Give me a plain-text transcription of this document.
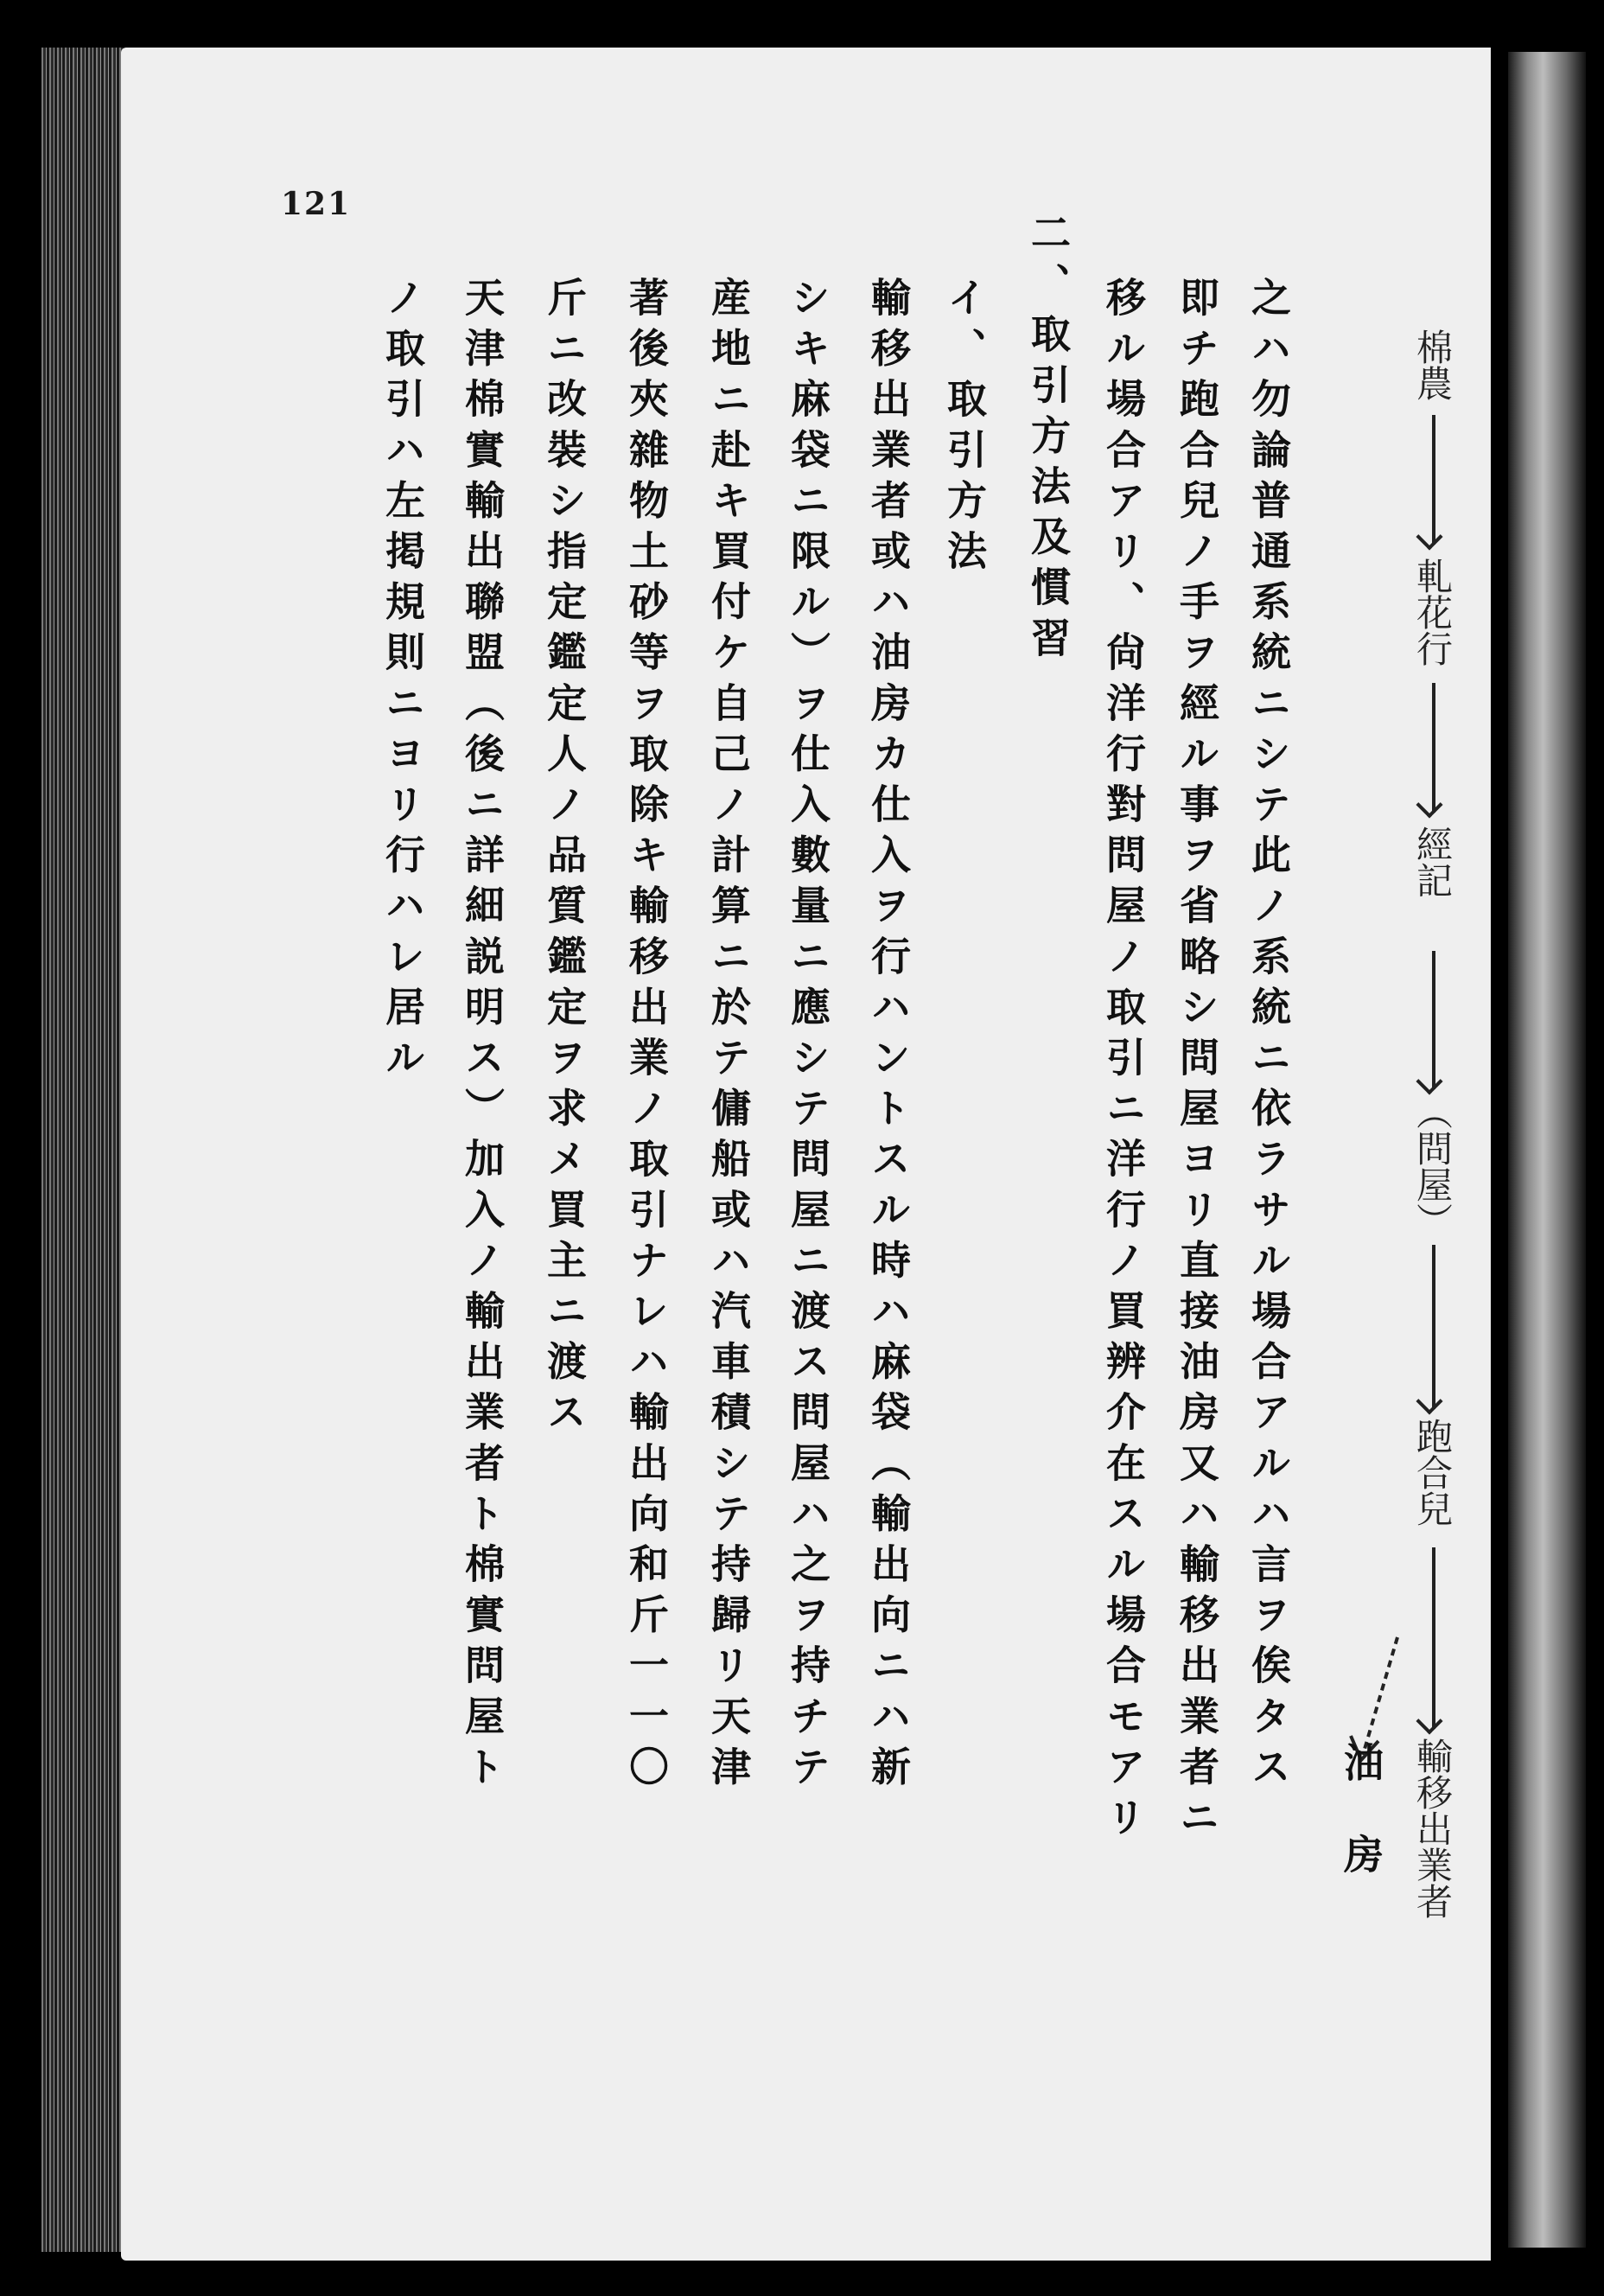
121
棉農
軋花行
經記
（問屋）
跑合兒
輸移出業者
油房
之ハ勿論普通系統ニシテ此ノ系統ニ依ラサル場合アルハ言ヲ俟タス
即チ跑合兒ノ手ヲ經ル事ヲ省略シ問屋ヨリ直接油房又ハ輸移出業者ニ
移ル場合アリ、尙洋行對問屋ノ取引ニ洋行ノ買辨介在スル場合モアリ
二、取引方法及慣習
イ、取引方法
輸移出業者或ハ油房カ仕入ヲ行ハントスル時ハ麻袋（輸出向ニハ新
シキ麻袋ニ限ル）ヲ仕入數量ニ應シテ問屋ニ渡ス問屋ハ之ヲ持チテ
産地ニ赴キ買付ケ自己ノ計算ニ於テ傭船或ハ汽車積シテ持歸リ天津
著後夾雜物土砂等ヲ取除キ輸移出業ノ取引ナレハ輸出向和斤一一〇
斤ニ改裝シ指定鑑定人ノ品質鑑定ヲ求メ買主ニ渡ス
天津棉實輸出聯盟（後ニ詳細説明ス）加入ノ輸出業者ト棉實問屋ト
ノ取引ハ左掲規則ニヨリ行ハレ居ル
